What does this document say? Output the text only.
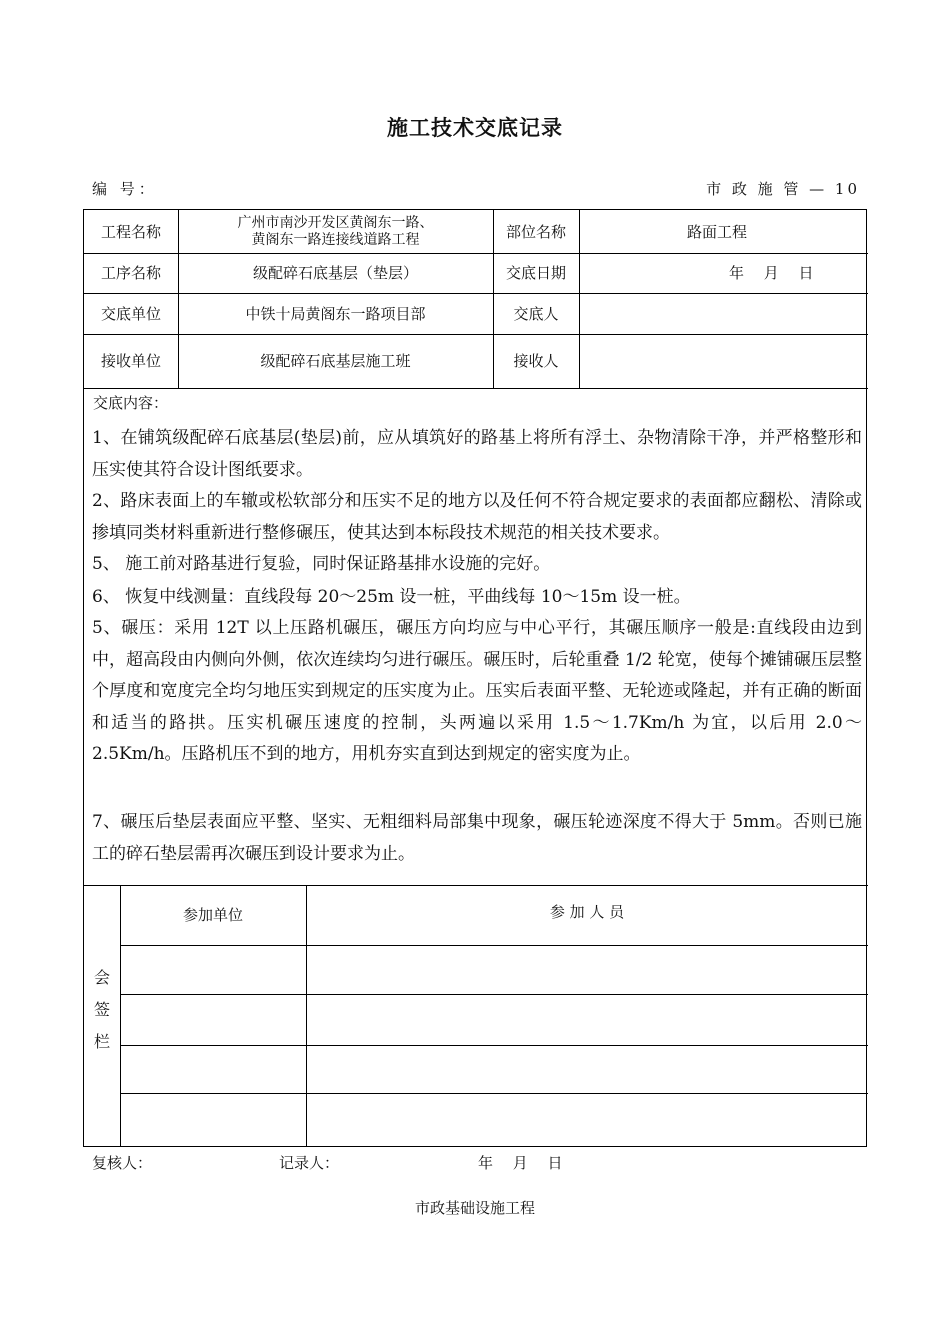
施工技术交底记录
编 号：	市 政 施 管 — 10
工程名称	广州市南沙开发区黄阁东一路、
黄阁东一路连接线道路工程	部位名称	路面工程
工序名称	级配碎石底基层（垫层）	交底日期	年　 月　 日
交底单位	中铁十局黄阁东一路项目部	交底人
接收单位	级配碎石底基层施工班	接收人
交底内容：
1、在铺筑级配碎石底基层(垫层)前，应从填筑好的路基上将所有浮土、杂物清除干净，并严格整形和压实使其符合设计图纸要求。
2、路床表面上的车辙或松软部分和压实不足的地方以及任何不符合规定要求的表面都应翻松、清除或掺填同类材料重新进行整修碾压，使其达到本标段技术规范的相关技术要求。
5、 施工前对路基进行复验，同时保证路基排水设施的完好。
6、 恢复中线测量：直线段每 20～25m 设一桩，平曲线每 10～15m 设一桩。
5、碾压：采用 12T 以上压路机碾压，碾压方向均应与中心平行，其碾压顺序一般是:直线段由边到中，超高段由内侧向外侧，依次连续均匀进行碾压。碾压时，后轮重叠 1/2 轮宽，使每个摊铺碾压层整个厚度和宽度完全均匀地压实到规定的压实度为止。压实后表面平整、无轮迹或隆起，并有正确的断面和适当的路拱。压实机碾压速度的控制，头两遍以采用 1.5～1.7Km/h 为宜，以后用 2.0～2.5Km/h。压路机压不到的地方，用机夯实直到达到规定的密实度为止。
7、碾压后垫层表面应平整、坚实、无粗细料局部集中现象，碾压轮迹深度不得大于 5mm。否则已施工的碎石垫层需再次碾压到设计要求为止。
会签栏
参加单位	参 加 人 员
复核人：	记录人：	年　 月　 日
市政基础设施工程
